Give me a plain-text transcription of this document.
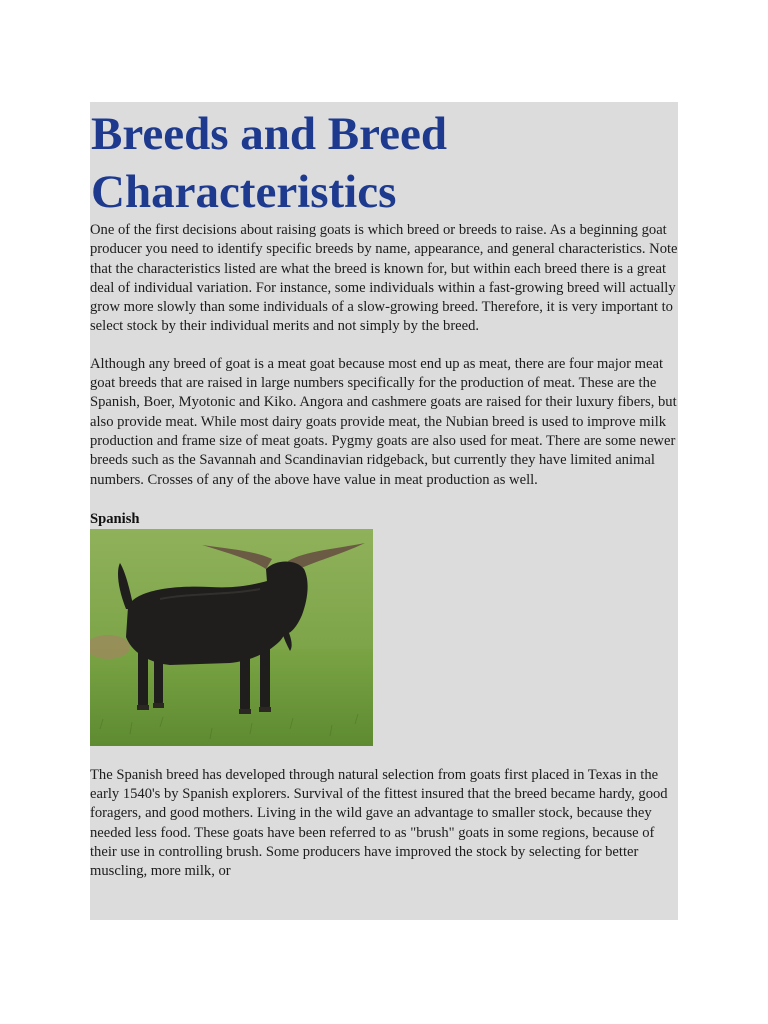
Breeds and Breed Characteristics

One of the first decisions about raising goats is which breed or breeds to raise. As a beginning goat producer you need to identify specific breeds by name, appearance, and general characteristics. Note that the characteristics listed are what the breed is known for, but within each breed there is a great deal of individual variation. For instance, some individuals within a fast-growing breed will actually grow more slowly than some individuals of a slow-growing breed. Therefore, it is very important to select stock by their individual merits and not simply by the breed.

Although any breed of goat is a meat goat because most end up as meat, there are four major meat goat breeds that are raised in large numbers specifically for the production of meat. These are the Spanish, Boer, Myotonic and Kiko. Angora and cashmere goats are raised for their luxury fibers, but also provide meat. While most dairy goats provide meat, the Nubian breed is used to improve milk production and frame size of meat goats. Pygmy goats are also used for meat. There are some newer breeds such as the Savannah and Scandinavian ridgeback, but currently they have limited animal numbers. Crosses of any of the above have value in meat production as well.

Spanish

The Spanish breed has developed through natural selection from goats first placed in Texas in the early 1540's by Spanish explorers. Survival of the fittest insured that the breed became hardy, good foragers, and good mothers. Living in the wild gave an advantage to smaller stock, because they needed less food. These goats have been referred to as "brush" goats in some regions, because of their use in controlling brush. Some producers have improved the stock by selecting for better muscling, more milk, or
